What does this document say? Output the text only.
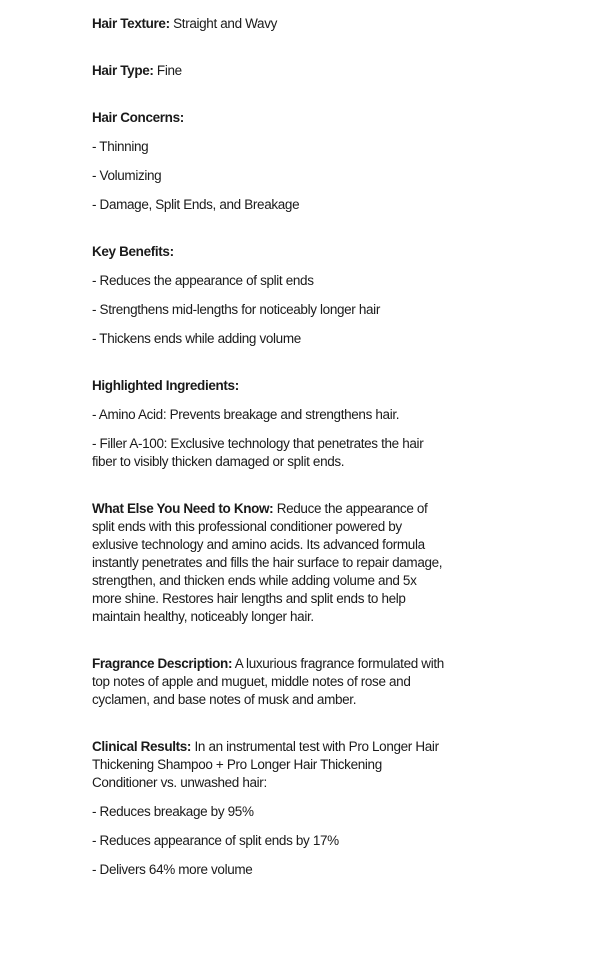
Hair Texture: Straight and Wavy

Hair Type: Fine

Hair Concerns:

- Thinning

- Volumizing

- Damage, Split Ends, and Breakage

Key Benefits:

- Reduces the appearance of split ends

- Strengthens mid-lengths for noticeably longer hair

- Thickens ends while adding volume

Highlighted Ingredients:

- Amino Acid: Prevents breakage and strengthens hair.

- Filler A-100: Exclusive technology that penetrates the hair fiber to visibly thicken damaged or split ends.

What Else You Need to Know: Reduce the appearance of split ends with this professional conditioner powered by exlusive technology and amino acids. Its advanced formula instantly penetrates and fills the hair surface to repair damage, strengthen, and thicken ends while adding volume and 5x more shine. Restores hair lengths and split ends to help maintain healthy, noticeably longer hair.

Fragrance Description: A luxurious fragrance formulated with top notes of apple and muguet, middle notes of rose and cyclamen, and base notes of musk and amber.

Clinical Results: In an instrumental test with Pro Longer Hair Thickening Shampoo + Pro Longer Hair Thickening Conditioner vs. unwashed hair:

- Reduces breakage by 95%

- Reduces appearance of split ends by 17%

- Delivers 64% more volume
